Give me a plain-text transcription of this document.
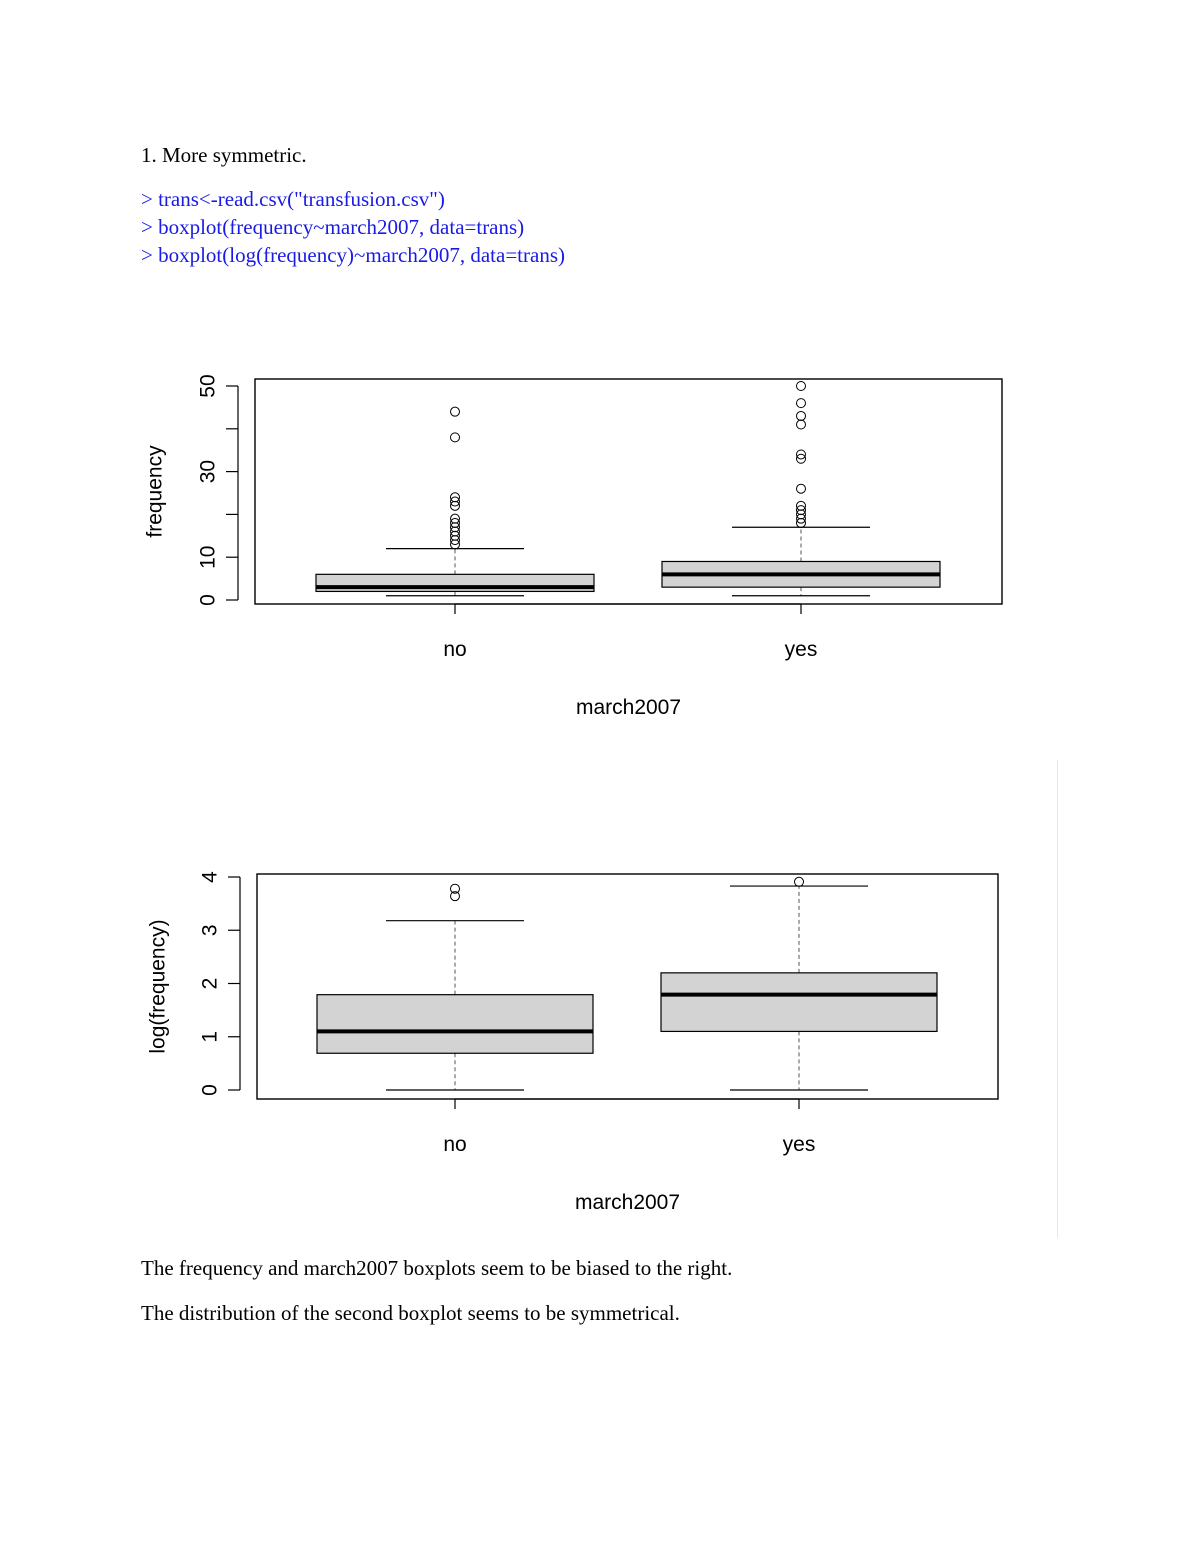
1. More symmetric.

> trans<-read.csv("transfusion.csv")

> boxplot(frequency~march2007, data=trans)

> boxplot(log(frequency)~march2007, data=trans)

0
10
30
50
no	yes
march2007
frequency
0
1
2
3
4
no	yes
march2007
log(frequency)

The frequency and march2007 boxplots seem to be biased to the right.

The distribution of the second boxplot seems to be symmetrical.
